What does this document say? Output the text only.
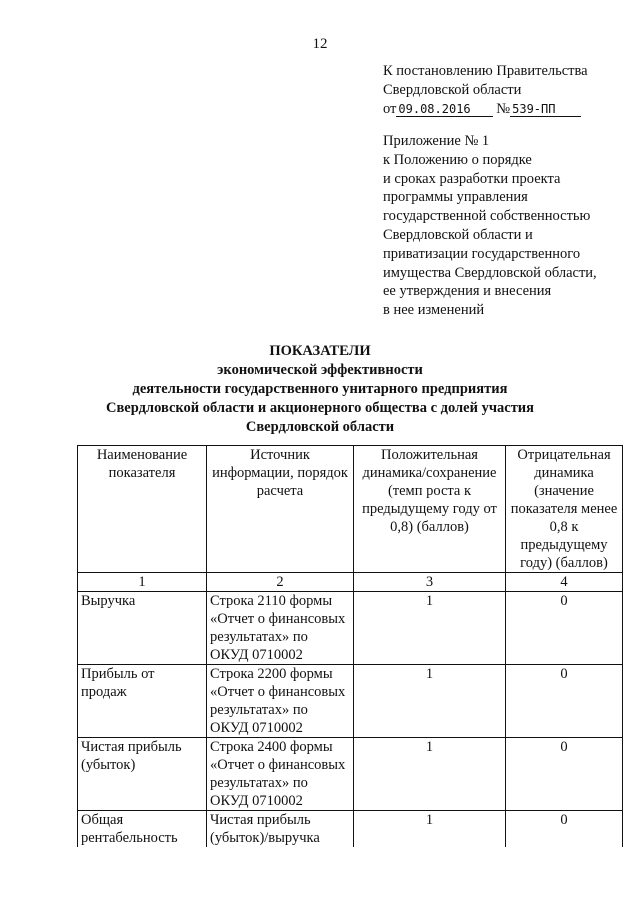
12
К постановлению Правительства
Свердловской области
от 09.08.2016 № 539-ПП
Приложение № 1
к Положению о порядке
и сроках разработки проекта
программы управления
государственной собственностью
Свердловской области и
приватизации государственного
имущества Свердловской области,
ее утверждения и внесения
в нее изменений
ПОКАЗАТЕЛИ
экономической эффективности
деятельности государственного унитарного предприятия
Свердловской области и акционерного общества с долей участия
Свердловской области
Наименование показателя	Источник информации, порядок расчета	Положительная динамика/сохранение (темп роста к предыдущему году от 0,8) (баллов)	Отрицательная динамика (значение показателя менее 0,8 к предыдущему году) (баллов)
1	2	3	4
Выручка	Строка 2110 формы «Отчет о финансовых результатах» по ОКУД 0710002	1	0
Прибыль от продаж	Строка 2200 формы «Отчет о финансовых результатах» по ОКУД 0710002	1	0
Чистая прибыль (убыток)	Строка 2400 формы «Отчет о финансовых результатах» по ОКУД 0710002	1	0
Общая рентабельность	Чистая прибыль (убыток)/выручка	1	0
